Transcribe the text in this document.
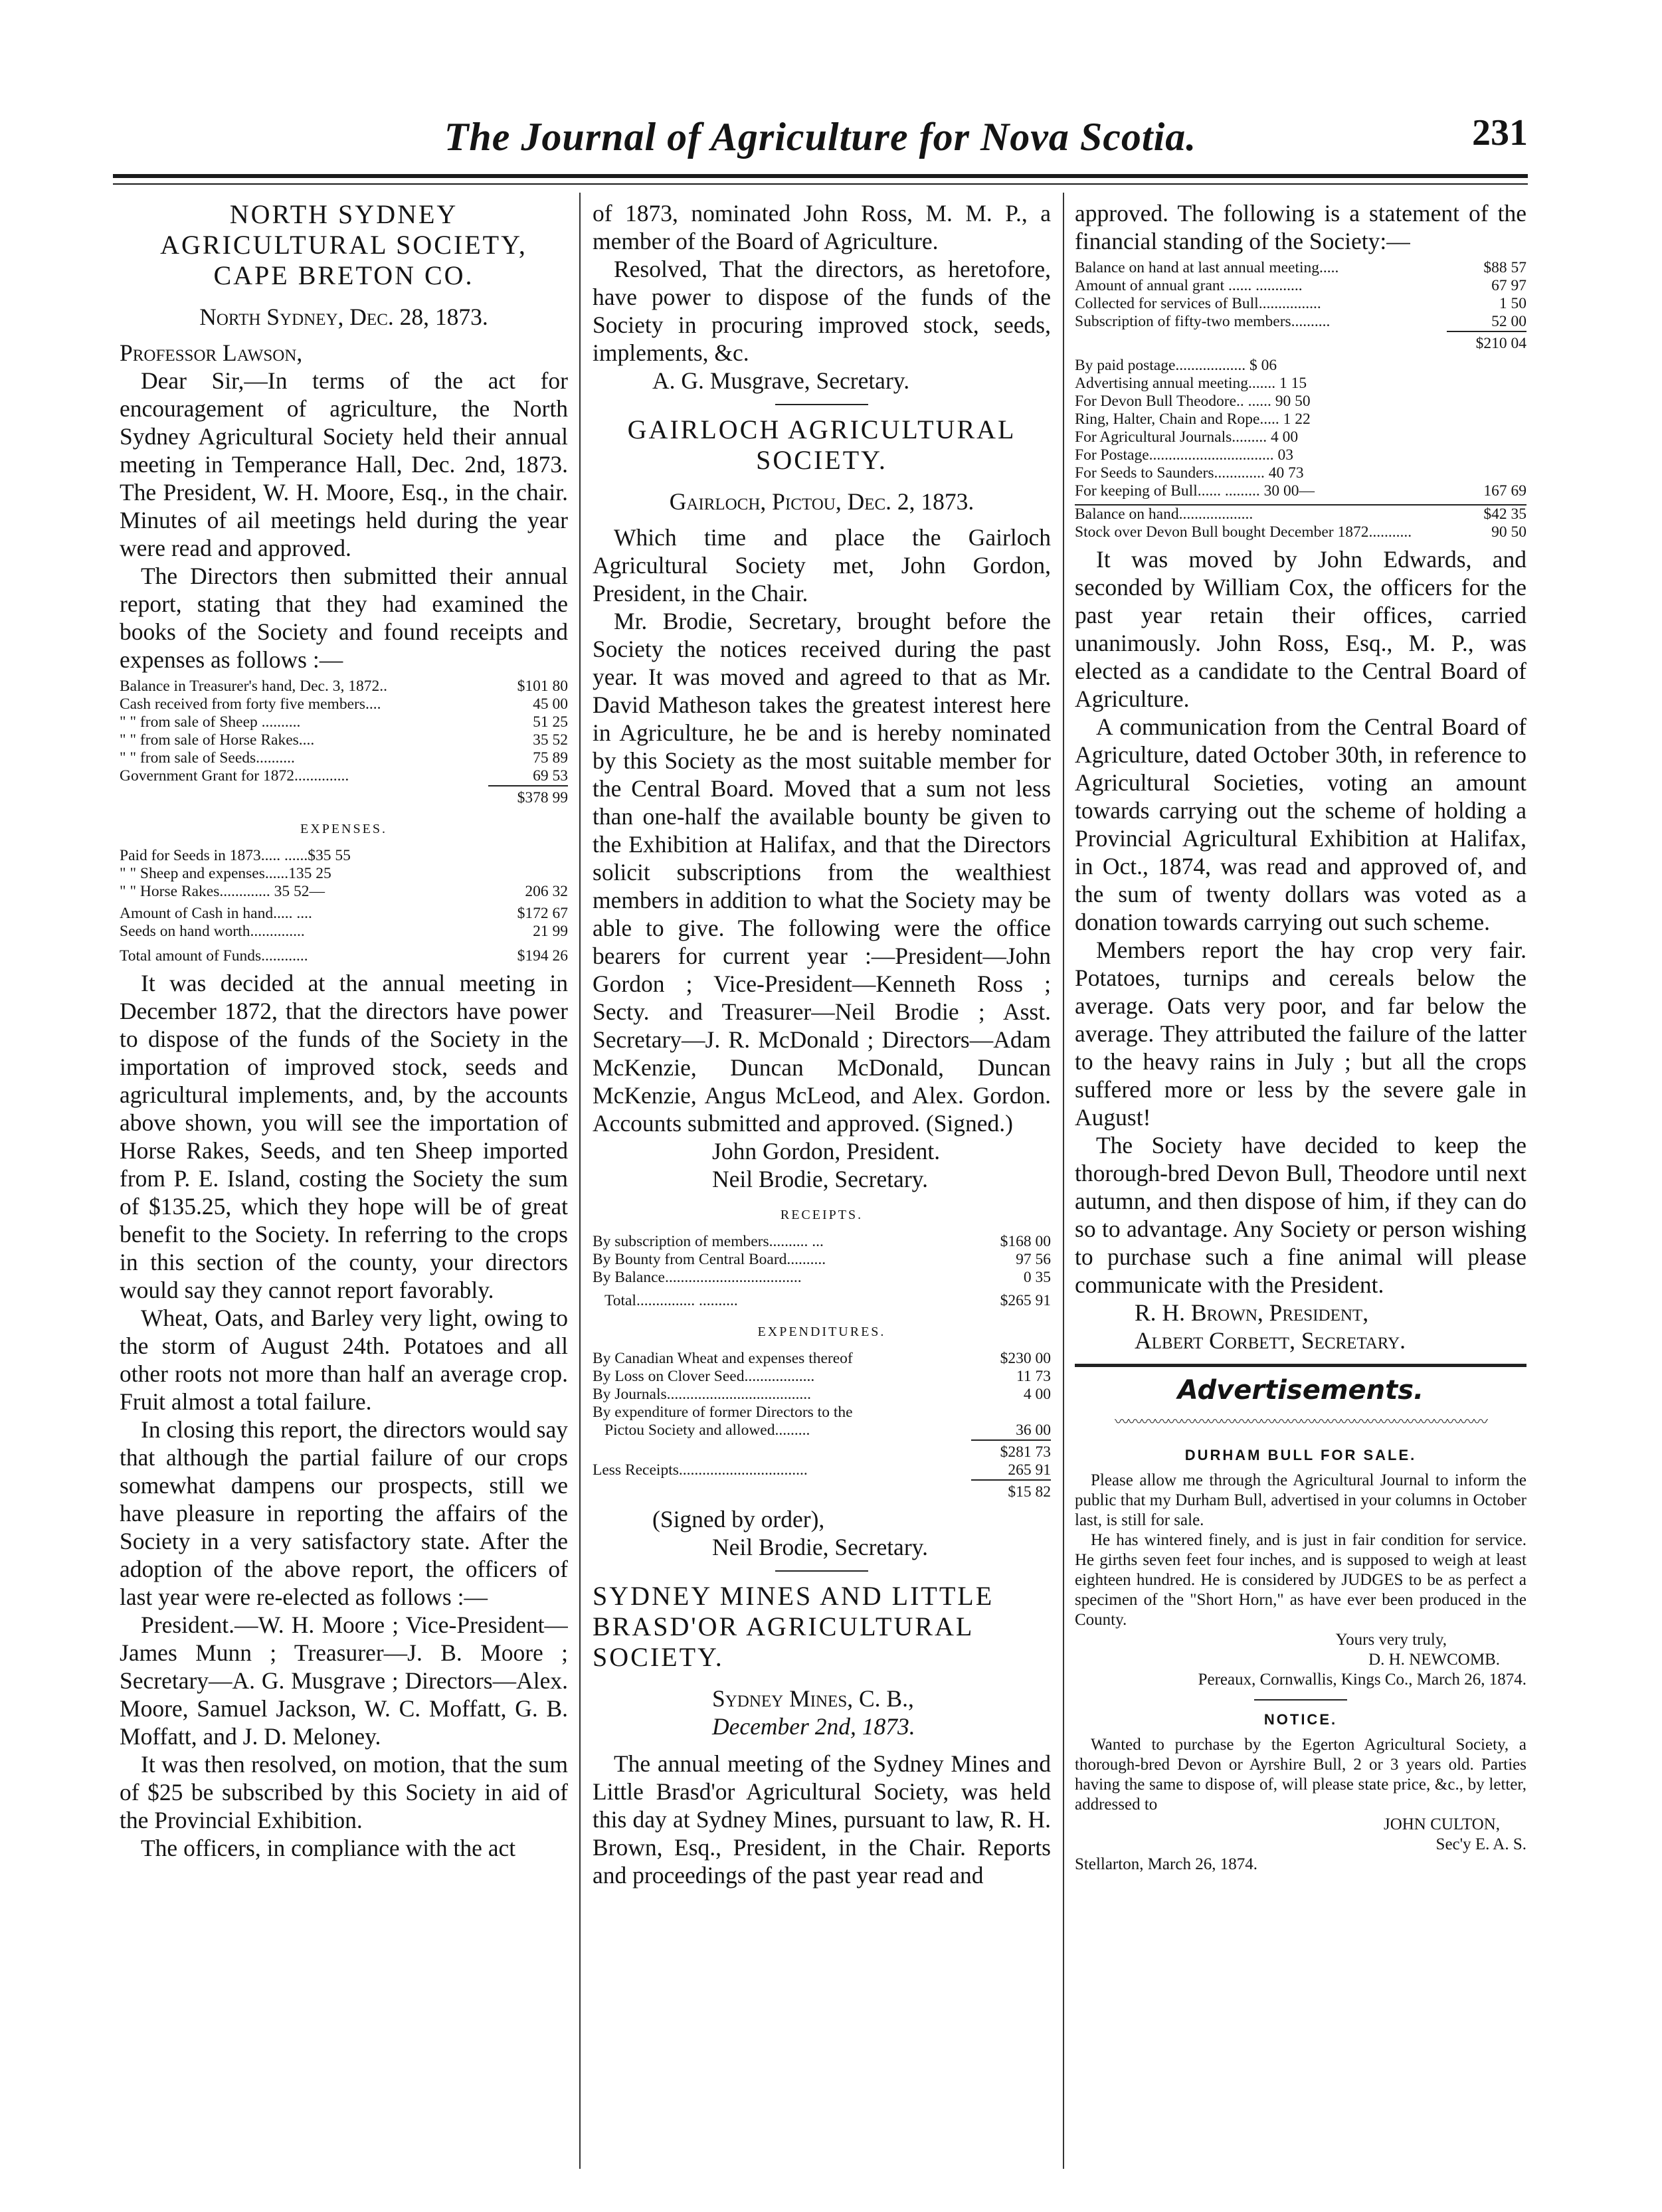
The Journal of Agriculture for Nova Scotia.	231
NORTH SYDNEY AGRICULTURAL SOCIETY, CAPE BRETON CO.

North Sydney, Dec. 28, 1873.

Professor Lawson,

Dear Sir,—In terms of the act for encouragement of agriculture, the North Sydney Agricultural Society held their annual meeting in Temperance Hall, Dec. 2nd, 1873. The President, W. H. Moore, Esq., in the chair. Minutes of ail meetings held during the year were read and approved.

The Directors then submitted their annual report, stating that they had examined the books of the Society and found receipts and expenses as follows :—

Balance in Treasurer's hand, Dec. 3, 1872..	$101 80
Cash received from forty five members....	45 00
" " from sale of Sheep ..........	51 25
" " from sale of Horse Rakes....	35 52
" " from sale of Seeds..........	75 89
Government Grant for 1872..............	69 53
	$378 99
EXPENSES.
Paid for Seeds in 1873..... ......$35 55	
" " Sheep and expenses......135 25	
" " Horse Rakes............. 35 52—	206 32
Amount of Cash in hand..... ....	$172 67
Seeds on hand worth..............	21 99
Total amount of Funds............	$194 26

It was decided at the annual meeting in December 1872, that the directors have power to dispose of the funds of the Society in the importation of improved stock, seeds and agricultural implements, and, by the accounts above shown, you will see the importation of Horse Rakes, Seeds, and ten Sheep imported from P. E. Island, costing the Society the sum of $135.25, which they hope will be of great benefit to the Society. In referring to the crops in this section of the county, your directors would say they cannot report favorably.

Wheat, Oats, and Barley very light, owing to the storm of August 24th. Potatoes and all other roots not more than half an average crop. Fruit almost a total failure.

In closing this report, the directors would say that although the partial failure of our crops somewhat dampens our prospects, still we have pleasure in reporting the affairs of the Society in a very satisfactory state. After the adoption of the above report, the officers of last year were re-elected as follows :—

President.—W. H. Moore ; Vice-President—James Munn ; Treasurer—J. B. Moore ; Secretary—A. G. Musgrave ; Directors—Alex. Moore, Samuel Jackson, W. C. Moffatt, G. B. Moffatt, and J. D. Meloney.

It was then resolved, on motion, that the sum of $25 be subscribed by this Society in aid of the Provincial Exhibition.

The officers, in compliance with the act

of 1873, nominated John Ross, M. M. P., a member of the Board of Agriculture.

Resolved, That the directors, as heretofore, have power to dispose of the funds of the Society in procuring improved stock, seeds, implements, &c.

A. G. Musgrave, Secretary.

GAIRLOCH AGRICULTURAL SOCIETY.

Gairloch, Pictou, Dec. 2, 1873.

Which time and place the Gairloch Agricultural Society met, John Gordon, President, in the Chair.

Mr. Brodie, Secretary, brought before the Society the notices received during the past year. It was moved and agreed to that as Mr. David Matheson takes the greatest interest here in Agriculture, he be and is hereby nominated by this Society as the most suitable member for the Central Board. Moved that a sum not less than one-half the available bounty be given to the Exhibition at Halifax, and that the Directors solicit subscriptions from the wealthiest members in addition to what the Society may be able to give. The following were the office bearers for current year :—President—John Gordon ; Vice-President—Kenneth Ross ; Secty. and Treasurer—Neil Brodie ; Asst. Secretary—J. R. McDonald ; Directors—Adam McKenzie, Duncan McDonald, Duncan McKenzie, Angus McLeod, and Alex. Gordon. Accounts submitted and approved. (Signed.)

John Gordon, President.

Neil Brodie, Secretary.

RECEIPTS.
By subscription of members.......... ...	$168 00
By Bounty from Central Board..........	97 56
By Balance...................................	0 35
Total............... ..........	$265 91
EXPENDITURES.
By Canadian Wheat and expenses thereof	$230 00
By Loss on Clover Seed..................	11 73
By Journals.....................................	4 00
By expenditure of former Directors to the	
Pictou Society and allowed.........	36 00
	$281 73
Less Receipts.................................	265 91
	$15 82

(Signed by order),

Neil Brodie, Secretary.

SYDNEY MINES AND LITTLE BRASD'OR AGRICULTURAL SOCIETY.

Sydney Mines, C. B.,

December 2nd, 1873.

The annual meeting of the Sydney Mines and Little Brasd'or Agricultural Society, was held this day at Sydney Mines, pursuant to law, R. H. Brown, Esq., President, in the Chair. Reports and proceedings of the past year read and

approved. The following is a statement of the financial standing of the Society:—

Balance on hand at last annual meeting.....	$88 57
Amount of annual grant ...... ............	67 97
Collected for services of Bull................	1 50
Subscription of fifty-two members..........	52 00
	$210 04
By paid postage.................. $ 06	
Advertising annual meeting....... 1 15	
For Devon Bull Theodore.. ...... 90 50	
Ring, Halter, Chain and Rope..... 1 22	
For Agricultural Journals......... 4 00	
For Postage................................ 03	
For Seeds to Saunders............. 40 73	
For keeping of Bull...... ......... 30 00—	167 69
Balance on hand...................	$42 35
Stock over Devon Bull bought December 1872...........	90 50

It was moved by John Edwards, and seconded by William Cox, the officers for the past year retain their offices, carried unanimously. John Ross, Esq., M. P., was elected as a candidate to the Central Board of Agriculture.

A communication from the Central Board of Agriculture, dated October 30th, in reference to Agricultural Societies, voting an amount towards carrying out the scheme of holding a Provincial Agricultural Exhibition at Halifax, in Oct., 1874, was read and approved of, and the sum of twenty dollars was voted as a donation towards carrying out such scheme.

Members report the hay crop very fair. Potatoes, turnips and cereals below the average. Oats very poor, and far below the average. They attributed the failure of the latter to the heavy rains in July ; but all the crops suffered more or less by the severe gale in August!

The Society have decided to keep the thorough-bred Devon Bull, Theodore until next autumn, and then dispose of him, if they can do so to advantage. Any Society or person wishing to purchase such a fine animal will please communicate with the President.

R. H. Brown, President,

Albert Corbett, Secretary.

Advertisements.
〰〰〰〰〰〰〰〰〰〰〰〰〰〰〰〰〰〰〰〰〰〰〰〰〰〰〰〰
DURHAM BULL FOR SALE.

Please allow me through the Agricultural Journal to inform the public that my Durham Bull, advertised in your columns in October last, is still for sale.

He has wintered finely, and is just in fair condition for service. He girths seven feet four inches, and is supposed to weigh at least eighteen hundred. He is considered by JUDGES to be as perfect a specimen of the "Short Horn," as have ever been produced in the County.

Yours very truly,

D. H. NEWCOMB.

Pereaux, Cornwallis, Kings Co., March 26, 1874.

NOTICE.

Wanted to purchase by the Egerton Agricultural Society, a thorough-bred Devon or Ayrshire Bull, 2 or 3 years old. Parties having the same to dispose of, will please state price, &c., by letter, addressed to

JOHN CULTON,

Sec'y E. A. S.

Stellarton, March 26, 1874.
